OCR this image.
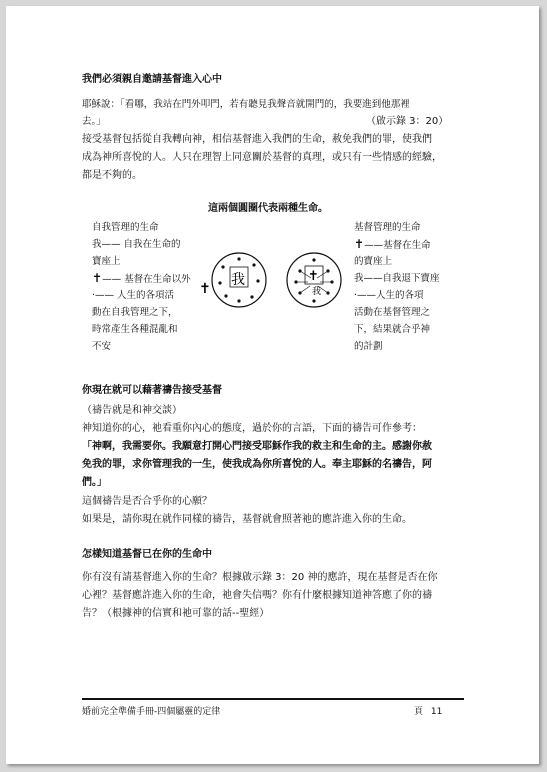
我們必須親自邀請基督進入心中
耶穌說：「看哪，我站在門外叩門，若有聽見我聲音就開門的，我要進到他那裡
去。」	（啟示錄 3：20）
接受基督包括從自我轉向神，相信基督進入我們的生命，赦免我們的罪，使我們
成為神所喜悅的人。人只在理智上同意關於基督的真理，或只有一些情感的經驗，
都是不夠的。
這兩個圓圈代表兩種生命。
自我管理的生命
我—— 自我在生命的
寶座上
✝—— 基督在生命以外
·—— 人生的各項活
動在自我管理之下，
時常產生各種混亂和
不安
✝
我	✝
我
基督管理的生命
✝——基督在生命
的寶座上
我——自我退下寶座
·——人生的各項
活動在基督管理之
下，結果就合乎神
的計劃
你現在就可以藉著禱告接受基督
（禱告就是和神交談）
神知道你的心，祂看重你內心的態度，過於你的言語，下面的禱告可作參考：
「神啊，我需要你。我願意打開心門接受耶穌作我的救主和生命的主。感謝你赦
免我的罪，求你管理我的一生，使我成為你所喜悅的人。奉主耶穌的名禱告，阿
們。」
這個禱告是否合乎你的心願？
如果是，請你現在就作同樣的禱告，基督就會照著祂的應許進入你的生命。
怎樣知道基督已在你的生命中
你有沒有請基督進入你的生命？根據啟示錄 3：20 神的應許，現在基督是否在你
心裡？基督應許進入你的生命，祂會失信嗎？你有什麼根據知道神答應了你的禱
告？（根據神的信實和祂可靠的話--聖經）
婚前完全準備手冊-四個屬靈的定律	頁 11
